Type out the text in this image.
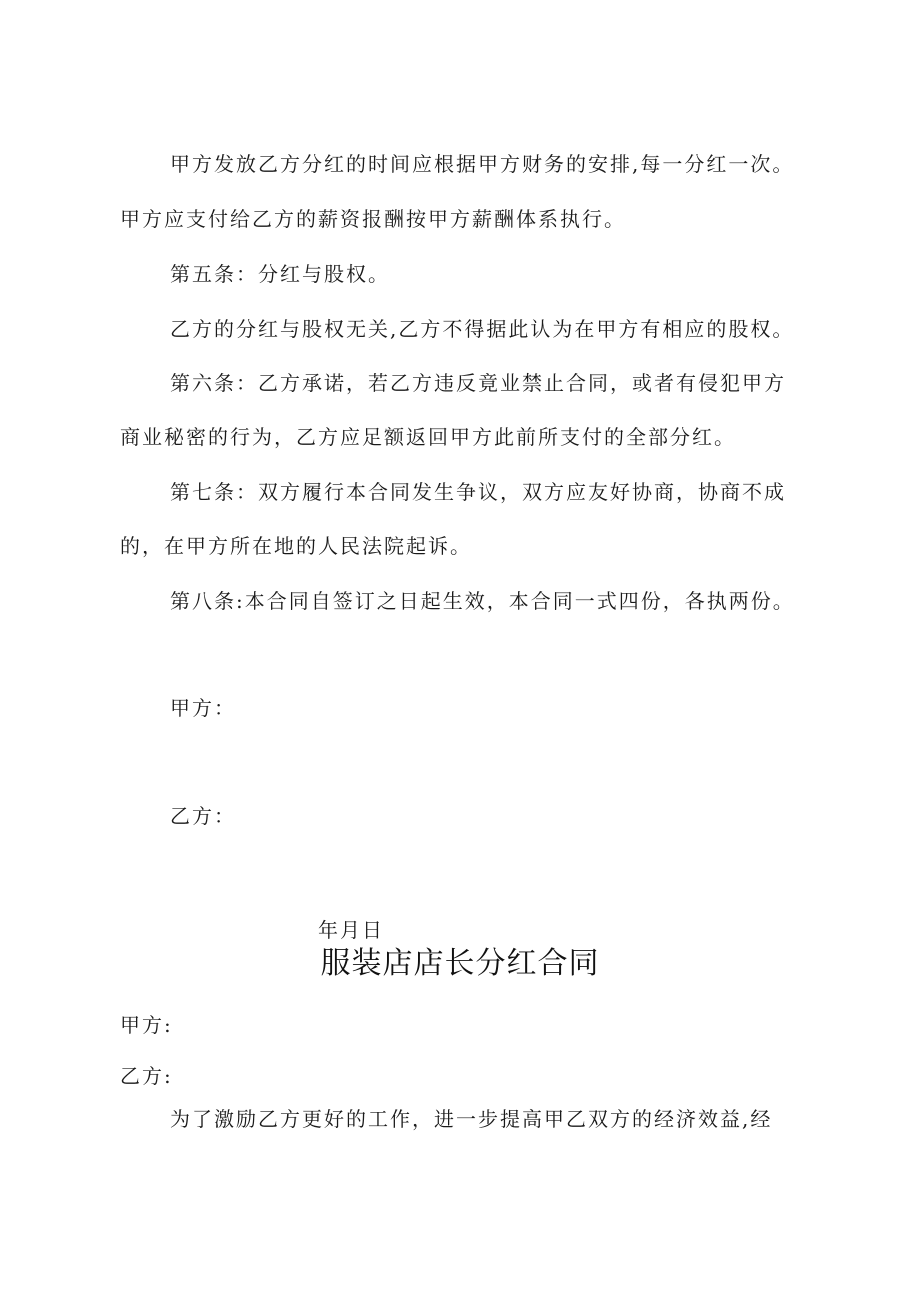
甲方发放乙方分红的时间应根据甲方财务的安排,每一分红一次。
甲方应支付给乙方的薪资报酬按甲方薪酬体系执行。
第五条：分红与股权。
乙方的分红与股权无关,乙方不得据此认为在甲方有相应的股权。
第六条：乙方承诺，若乙方违反竟业禁止合同，或者有侵犯甲方
商业秘密的行为，乙方应足额返回甲方此前所支付的全部分红。
第七条：双方履行本合同发生争议，双方应友好协商，协商不成
的，在甲方所在地的人民法院起诉。
第八条:本合同自签订之日起生效，本合同一式四份，各执两份。
甲方：
乙方：
年月日
服装店店长分红合同
甲方:
乙方:
为了激励乙方更好的工作，进一步提高甲乙双方的经济效益,经
